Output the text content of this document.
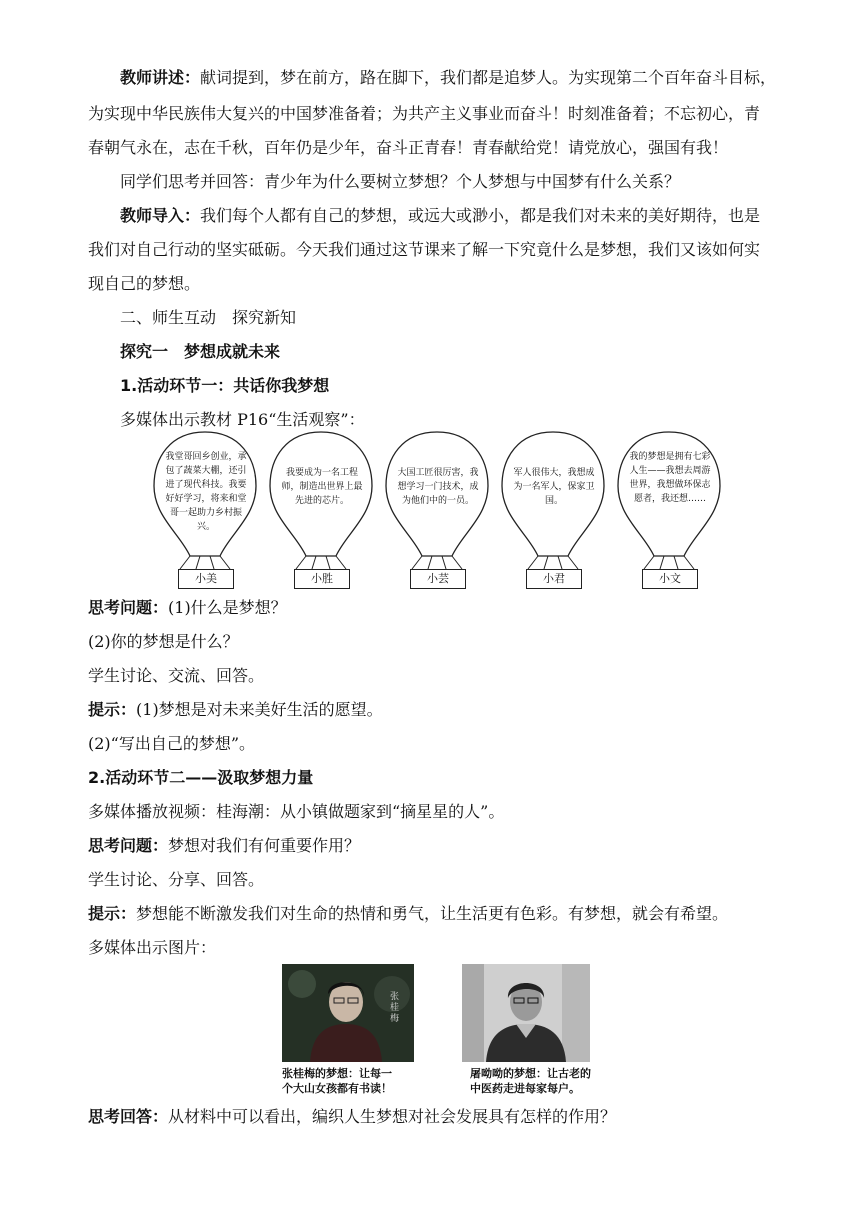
教师讲述：献词提到，梦在前方，路在脚下，我们都是追梦人。为实现第二个百年奋斗目标，
为实现中华民族伟大复兴的中国梦准备着；为共产主义事业而奋斗！时刻准备着；不忘初心，青
春朝气永在，志在千秋，百年仍是少年，奋斗正青春！青春献给党！请党放心，强国有我！
同学们思考并回答：青少年为什么要树立梦想？个人梦想与中国梦有什么关系？
教师导入：我们每个人都有自己的梦想，或远大或渺小，都是我们对未来的美好期待，也是
我们对自己行动的坚实砥砺。今天我们通过这节课来了解一下究竟什么是梦想，我们又该如何实
现自己的梦想。
二、师生互动　探究新知
探究一　梦想成就未来
1.活动环节一：共话你我梦想
多媒体出示教材 P16“生活观察”：
我堂哥回乡创业，承包了蔬菜大棚，还引进了现代科技。我要好好学习，将来和堂哥一起助力乡村振兴。
小美
我要成为一名工程师，制造出世界上最先进的芯片。
小胜
大国工匠很厉害，我想学习一门技术，成为他们中的一员。
小芸
军人很伟大，我想成为一名军人，保家卫国。
小君
我的梦想是拥有七彩人生——我想去周游世界，我想做环保志愿者，我还想……
小文
思考问题：(1)什么是梦想？
(2)你的梦想是什么？
学生讨论、交流、回答。
提示：(1)梦想是对未来美好生活的愿望。
(2)“写出自己的梦想”。
2.活动环节二——汲取梦想力量
多媒体播放视频：桂海潮：从小镇做题家到“摘星星的人”。
思考问题：梦想对我们有何重要作用？
学生讨论、分享、回答。
提示：梦想能不断激发我们对生命的热情和勇气，让生活更有色彩。有梦想，就会有希望。
多媒体出示图片：
张桂梅
张桂梅的梦想：让每一
个大山女孩都有书读！
屠呦呦的梦想：让古老的
中医药走进每家每户。
思考回答：从材料中可以看出，编织人生梦想对社会发展具有怎样的作用？
